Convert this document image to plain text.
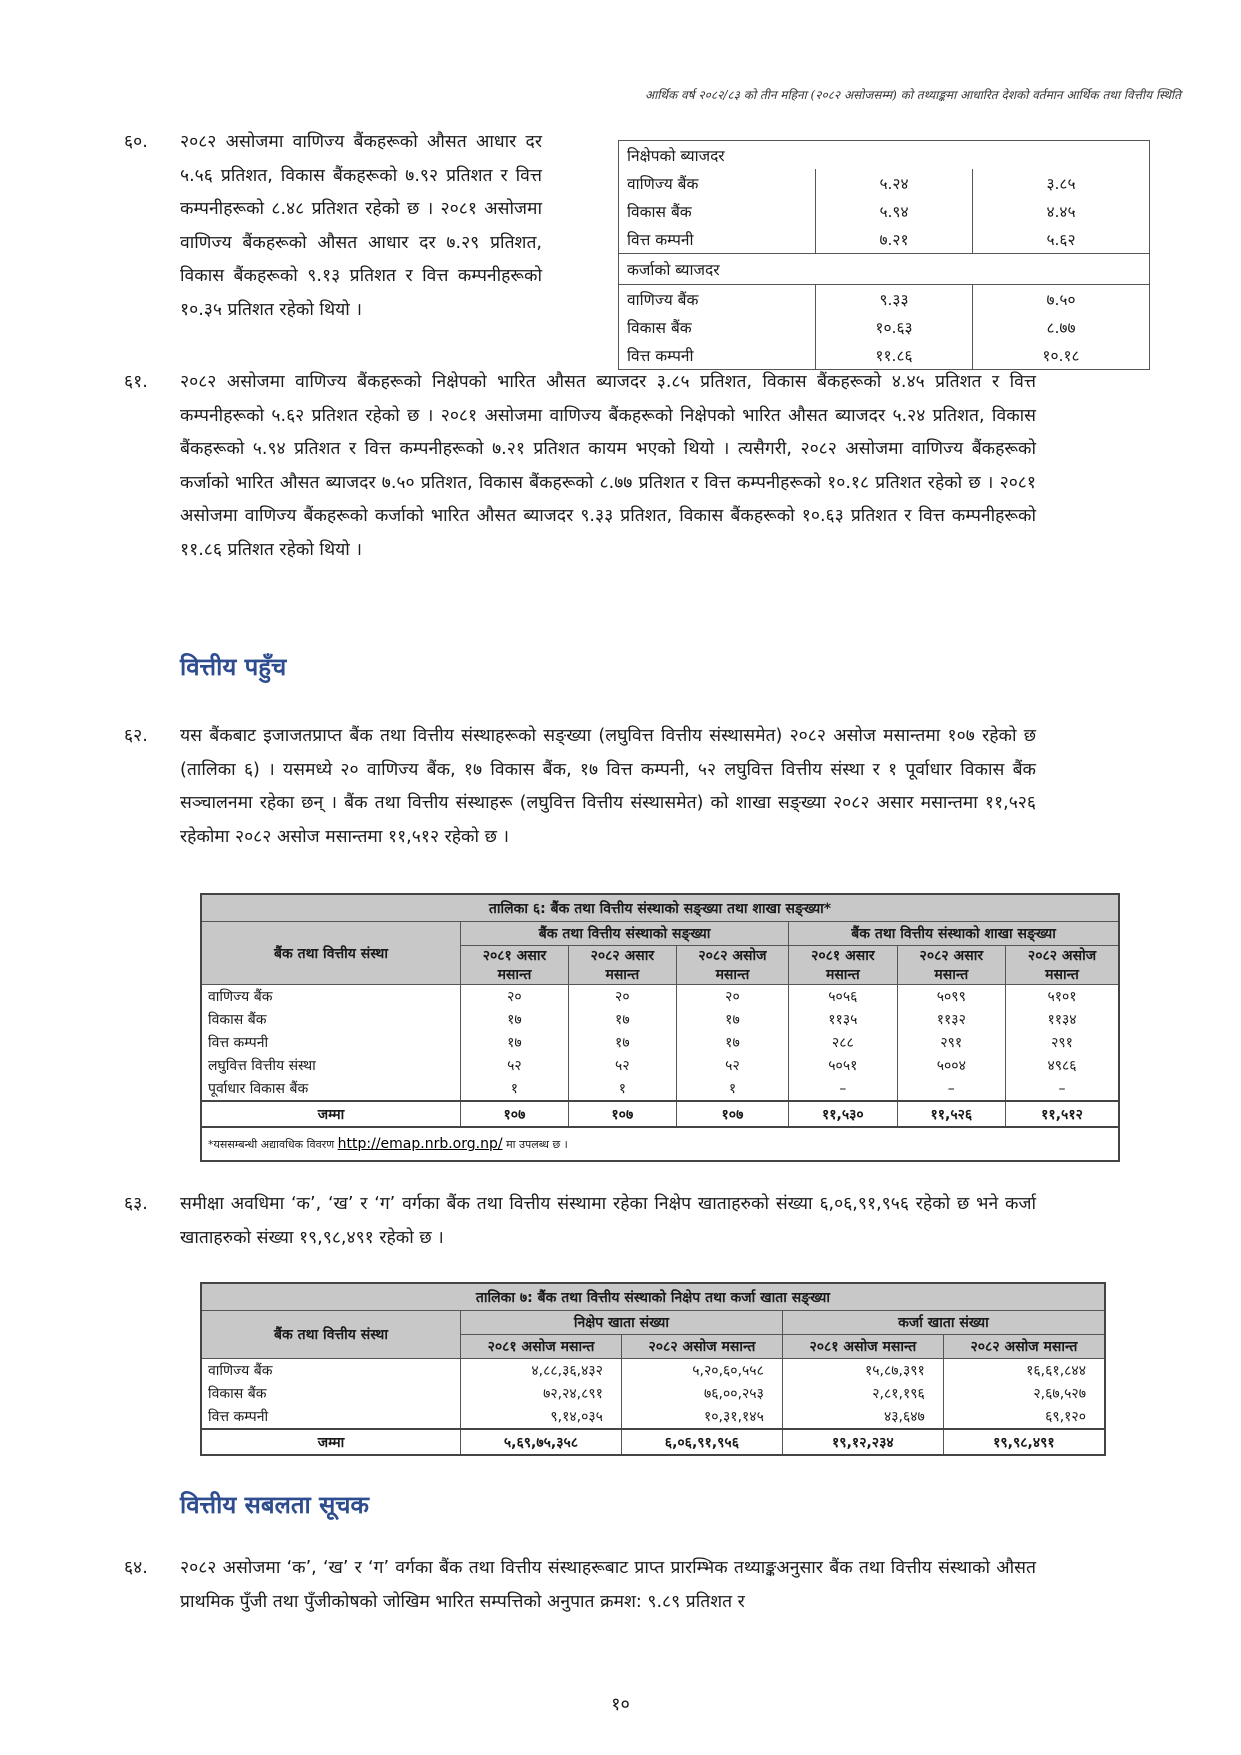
आर्थिक वर्ष २०८२/८३ को तीन महिना (२०८२ असोजसम्म) को तथ्याङ्कमा आधारित देशको वर्तमान आर्थिक तथा वित्तीय स्थिति
६०. २०८२ असोजमा वाणिज्य बैंकहरूको औसत आधार दर ५.५६ प्रतिशत, विकास बैंकहरूको ७.९२ प्रतिशत र वित्त कम्पनीहरूको ८.४८ प्रतिशत रहेको छ । २०८१ असोजमा वाणिज्य बैंकहरूको औसत आधार दर ७.२९ प्रतिशत, विकास बैंकहरूको ९.१३ प्रतिशत र वित्त कम्पनीहरूको १०.३५ प्रतिशत रहेको थियो ।
निक्षेपको ब्याजदर		
वाणिज्य बैंक	५.२४	३.८५
विकास बैंक	५.९४	४.४५
वित्त कम्पनी	७.२१	५.६२
कर्जाको ब्याजदर		
वाणिज्य बैंक	९.३३	७.५०
विकास बैंक	१०.६३	८.७७
वित्त कम्पनी	११.८६	१०.१८
६१. २०८२ असोजमा वाणिज्य बैंकहरूको निक्षेपको भारित औसत ब्याजदर ३.८५ प्रतिशत, विकास बैंकहरूको ४.४५ प्रतिशत र वित्त कम्पनीहरूको ५.६२ प्रतिशत रहेको छ । २०८१ असोजमा वाणिज्य बैंकहरूको निक्षेपको भारित औसत ब्याजदर ५.२४ प्रतिशत, विकास बैंकहरूको ५.९४ प्रतिशत र वित्त कम्पनीहरूको ७.२१ प्रतिशत कायम भएको थियो । त्यसैगरी, २०८२ असोजमा वाणिज्य बैंकहरूको कर्जाको भारित औसत ब्याजदर ७.५० प्रतिशत, विकास बैंकहरूको ८.७७ प्रतिशत र वित्त कम्पनीहरूको १०.१८ प्रतिशत रहेको छ । २०८१ असोजमा वाणिज्य बैंकहरूको कर्जाको भारित औसत ब्याजदर ९.३३ प्रतिशत, विकास बैंकहरूको १०.६३ प्रतिशत र वित्त कम्पनीहरूको ११.८६ प्रतिशत रहेको थियो ।
वित्तीय पहुँच
६२. यस बैंकबाट इजाजतप्राप्त बैंक तथा वित्तीय संस्थाहरूको सङ्ख्या (लघुवित्त वित्तीय संस्थासमेत) २०८२ असोज मसान्तमा १०७ रहेको छ (तालिका ६) । यसमध्ये २० वाणिज्य बैंक, १७ विकास बैंक, १७ वित्त कम्पनी, ५२ लघुवित्त वित्तीय संस्था र १ पूर्वाधार विकास बैंक सञ्चालनमा रहेका छन् । बैंक तथा वित्तीय संस्थाहरू (लघुवित्त वित्तीय संस्थासमेत) को शाखा सङ्ख्या २०८२ असार मसान्तमा ११,५२६ रहेकोमा २०८२ असोज मसान्तमा ११,५१२ रहेको छ ।
तालिका ६: बैंक तथा वित्तीय संस्थाको सङ्ख्या तथा शाखा सङ्ख्या*						
बैंक तथा वित्तीय संस्था	बैंक तथा वित्तीय संस्थाको सङ्ख्या			बैंक तथा वित्तीय संस्थाको शाखा सङ्ख्या		
	२०८१ असार मसान्त	२०८२ असार मसान्त	२०८२ असोज मसान्त	२०८१ असार मसान्त	२०८२ असार मसान्त	२०८२ असोज मसान्त
वाणिज्य बैंक	२०	२०	२०	५०५६	५०९९	५१०१
विकास बैंक	१७	१७	१७	११३५	११३२	११३४
वित्त कम्पनी	१७	१७	१७	२८८	२९१	२९१
लघुवित्त वित्तीय संस्था	५२	५२	५२	५०५१	५००४	४९८६
पूर्वाधार विकास बैंक	१	१	१	–	–	–
जम्मा	१०७	१०७	१०७	११,५३०	११,५२६	११,५१२
*यससम्बन्धी अद्यावधिक विवरण http://emap.nrb.org.np/ मा उपलब्ध छ ।						
६३. समीक्षा अवधिमा ‘क’, ‘ख’ र ‘ग’ वर्गका बैंक तथा वित्तीय संस्थामा रहेका निक्षेप खाताहरुको संख्या ६,०६,९१,९५६ रहेको छ भने कर्जा खाताहरुको संख्या १९,९८,४९१ रहेको छ ।
तालिका ७: बैंक तथा वित्तीय संस्थाको निक्षेप तथा कर्जा खाता सङ्ख्या				
बैंक तथा वित्तीय संस्था	निक्षेप खाता संख्या		कर्जा खाता संख्या	
	२०८१ असोज मसान्त	२०८२ असोज मसान्त	२०८१ असोज मसान्त	२०८२ असोज मसान्त
वाणिज्य बैंक	४,८८,३६,४३२	५,२०,६०,५५८	१५,८७,३९१	१६,६१,८४४
विकास बैंक	७२,२४,८९१	७६,००,२५३	२,८१,१९६	२,६७,५२७
वित्त कम्पनी	९,१४,०३५	१०,३१,१४५	४३,६४७	६९,१२०
जम्मा	५,६९,७५,३५८	६,०६,९१,९५६	१९,१२,२३४	१९,९८,४९१
वित्तीय सबलता सूचक
६४. २०८२ असोजमा ‘क’, ‘ख’ र ‘ग’ वर्गका बैंक तथा वित्तीय संस्थाहरूबाट प्राप्त प्रारम्भिक तथ्याङ्कअनुसार बैंक तथा वित्तीय संस्थाको औसत प्राथमिक पुँजी तथा पुँजीकोषको जोखिम भारित सम्पत्तिको अनुपात क्रमश: ९.८९ प्रतिशत र
१०
